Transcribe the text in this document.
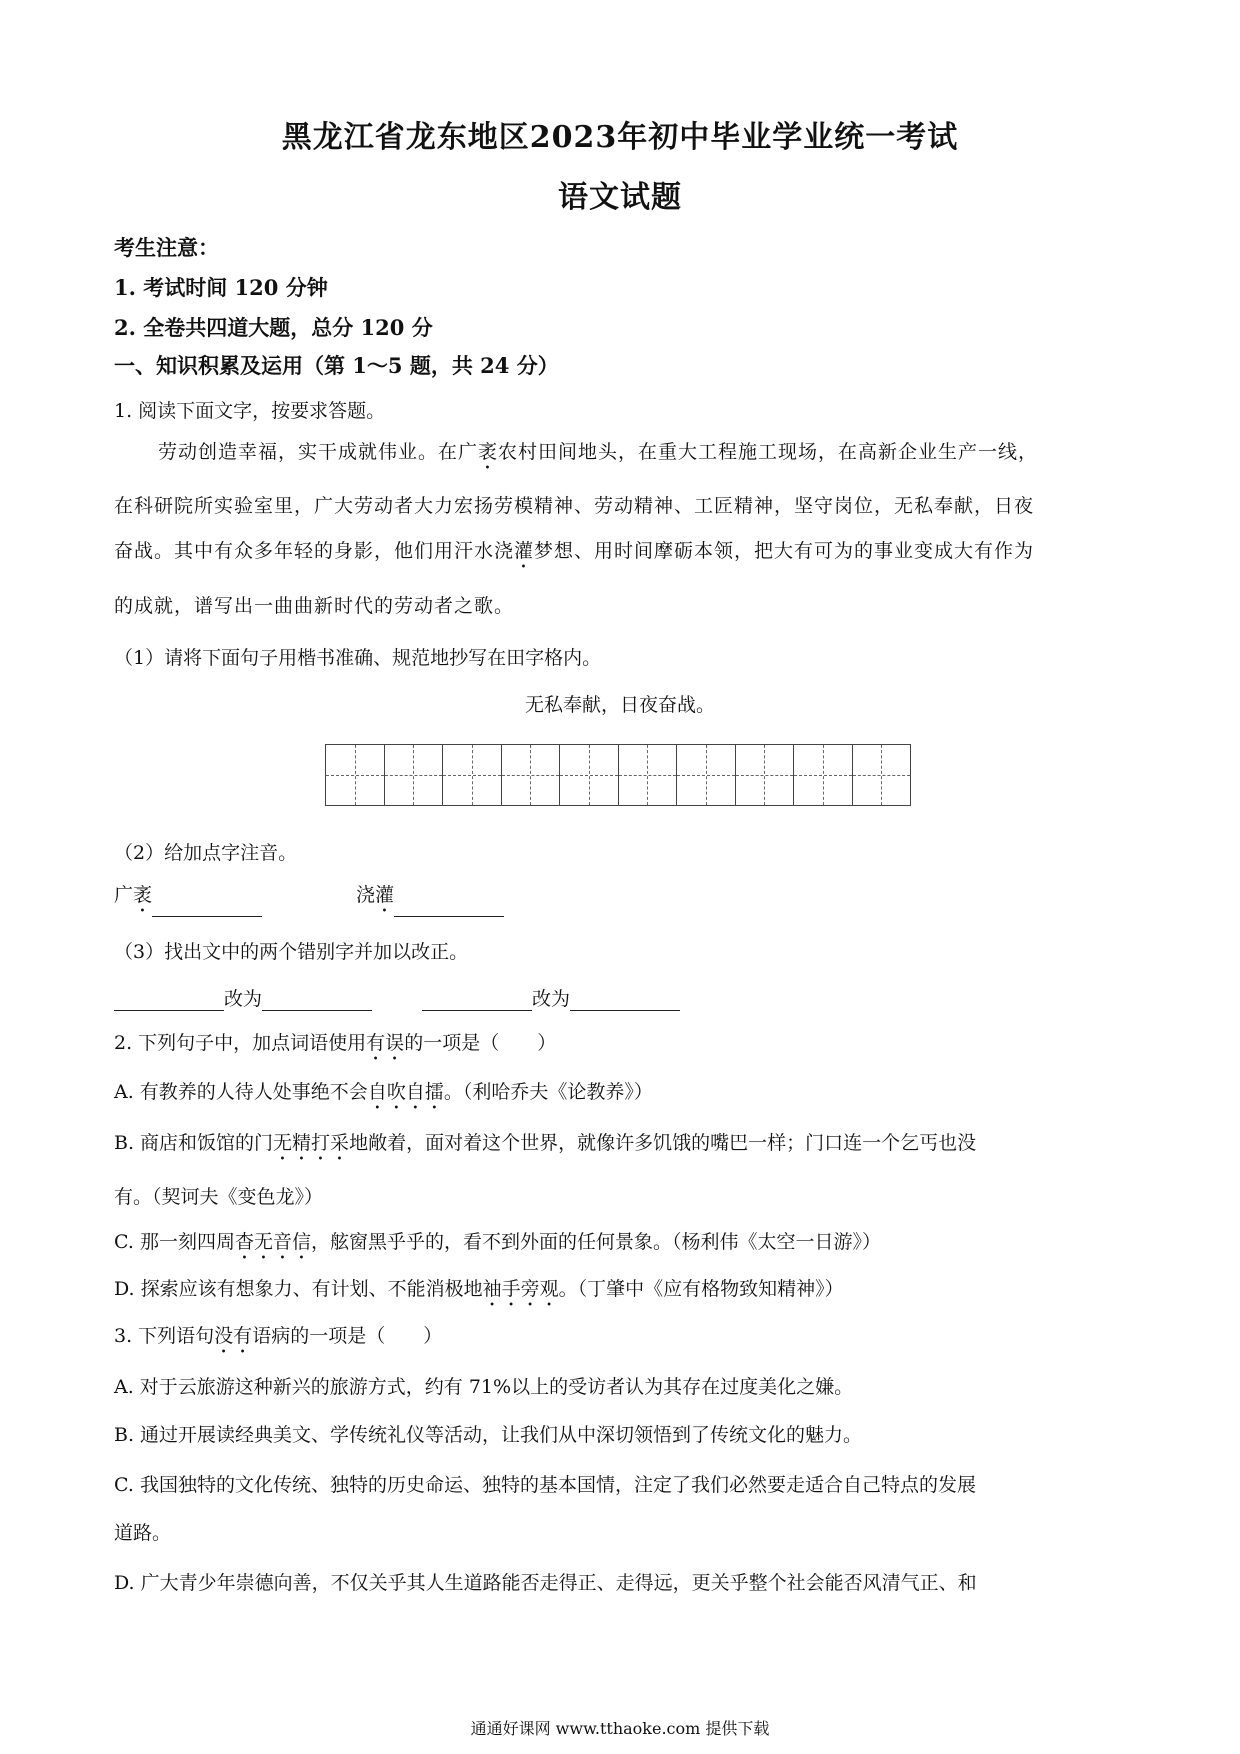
黑龙江省龙东地区2023年初中毕业学业统一考试
语文试题
考生注意：
1. 考试时间 120 分钟
2. 全卷共四道大题，总分 120 分
一、知识积累及运用（第 1～5 题，共 24 分）
1. 阅读下面文字，按要求答题。
劳动创造幸福，实干成就伟业。在广袤农村田间地头，在重大工程施工现场，在高新企业生产一线，
在科研院所实验室里，广大劳动者大力宏扬劳模精神、劳动精神、工匠精神，坚守岗位，无私奉献，日夜
奋战。其中有众多年轻的身影，他们用汗水浇灌梦想、用时间摩砺本领，把大有可为的事业变成大有作为
的成就，谱写出一曲曲新时代的劳动者之歌。
（1）请将下面句子用楷书准确、规范地抄写在田字格内。
无私奉献，日夜奋战。
（2）给加点字注音。
广袤	浇灌
（3）找出文中的两个错别字并加以改正。
改为	改为
2. 下列句子中，加点词语使用有误的一项是（　　）
A. 有教养的人待人处事绝不会自吹自擂。（利哈乔夫《论教养》）
B. 商店和饭馆的门无精打采地敞着，面对着这个世界，就像许多饥饿的嘴巴一样；门口连一个乞丐也没
有。（契诃夫《变色龙》）
C. 那一刻四周杳无音信，舷窗黑乎乎的，看不到外面的任何景象。（杨利伟《太空一日游》）
D. 探索应该有想象力、有计划、不能消极地袖手旁观。（丁肇中《应有格物致知精神》）
3. 下列语句没有语病的一项是（　　）
A. 对于云旅游这种新兴的旅游方式，约有 71%以上的受访者认为其存在过度美化之嫌。
B. 通过开展读经典美文、学传统礼仪等活动，让我们从中深切领悟到了传统文化的魅力。
C. 我国独特的文化传统、独特的历史命运、独特的基本国情，注定了我们必然要走适合自己特点的发展
道路。
D. 广大青少年崇德向善，不仅关乎其人生道路能否走得正、走得远，更关乎整个社会能否风清气正、和
通通好课网 www.tthaoke.com 提供下载
